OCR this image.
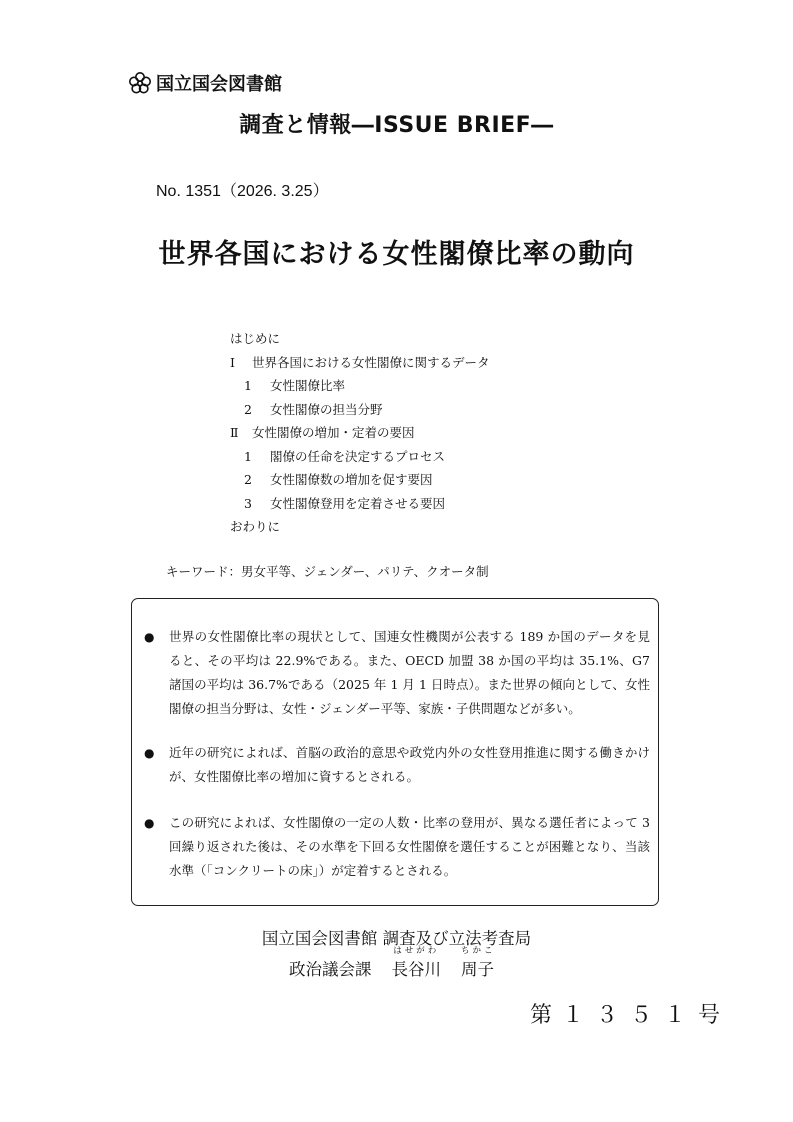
国立国会図書館
調査と情報―ISSUE BRIEF―
No. 1351（2026. 3.25）
世界各国における女性閣僚比率の動向
はじめに
Ⅰ 世界各国における女性閣僚に関するデータ
1 女性閣僚比率
2 女性閣僚の担当分野
Ⅱ 女性閣僚の増加・定着の要因
1 閣僚の任命を決定するプロセス
2 女性閣僚数の増加を促す要因
3 女性閣僚登用を定着させる要因
おわりに
キーワード：男女平等、ジェンダー、パリテ、クオータ制
●	世界の女性閣僚比率の現状として、国連女性機関が公表する 189 か国のデータを見ると、その平均は 22.9%である。また、OECD 加盟 38 か国の平均は 35.1%、G7 諸国の平均は 36.7%である（2025 年 1 月 1 日時点）。また世界の傾向として、女性閣僚の担当分野は、女性・ジェンダー平等、家族・子供問題などが多い。
●	近年の研究によれば、首脳の政治的意思や政党内外の女性登用推進に関する働きかけが、女性閣僚比率の増加に資するとされる。
●	この研究によれば、女性閣僚の一定の人数・比率の登用が、異なる選任者によって 3 回繰り返された後は、その水準を下回る女性閣僚を選任することが困難となり、当該水準（「コンクリートの床」）が定着するとされる。
国立国会図書館 調査及び立法考査局
政治議会課
はせがわ
長谷川
ちかこ
周子
第 １３５１ 号
